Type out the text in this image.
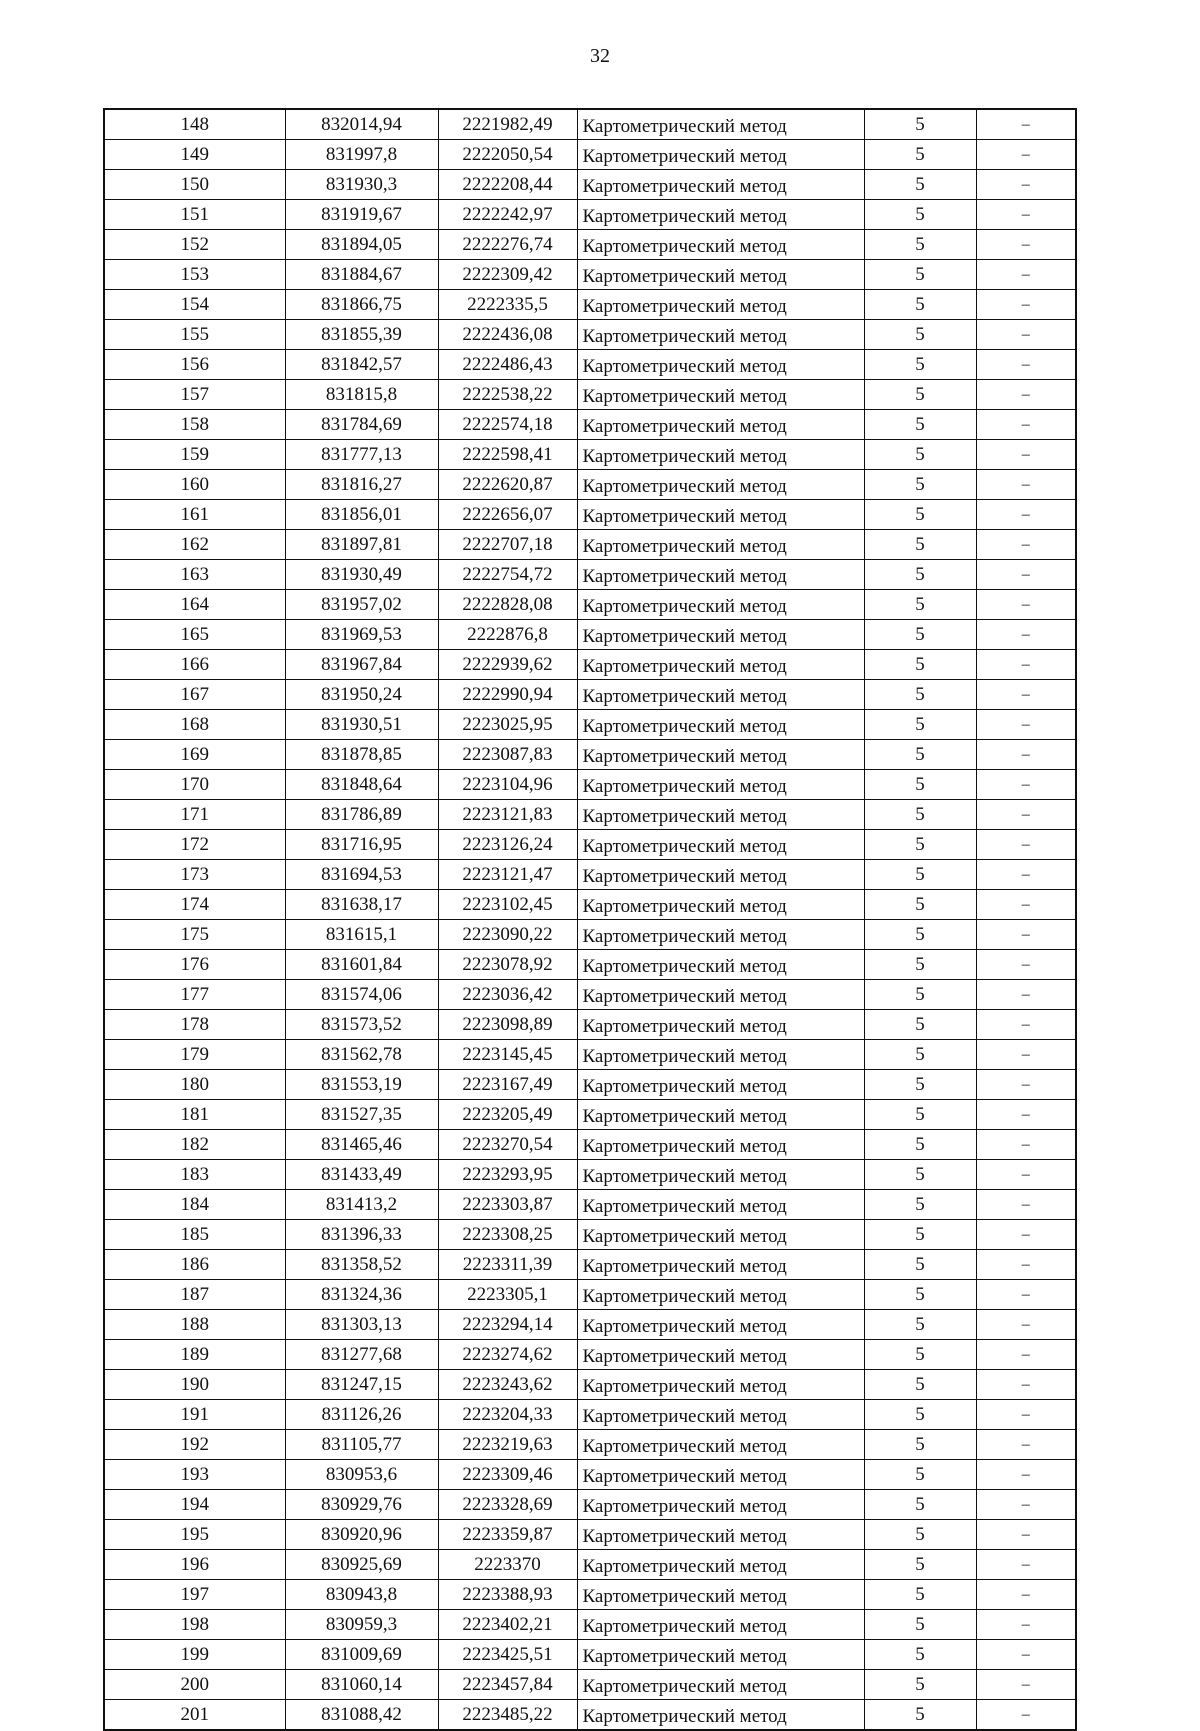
32
148	832014,94	2221982,49	Картометрический метод	5	–
149	831997,8	2222050,54	Картометрический метод	5	–
150	831930,3	2222208,44	Картометрический метод	5	–
151	831919,67	2222242,97	Картометрический метод	5	–
152	831894,05	2222276,74	Картометрический метод	5	–
153	831884,67	2222309,42	Картометрический метод	5	–
154	831866,75	2222335,5	Картометрический метод	5	–
155	831855,39	2222436,08	Картометрический метод	5	–
156	831842,57	2222486,43	Картометрический метод	5	–
157	831815,8	2222538,22	Картометрический метод	5	–
158	831784,69	2222574,18	Картометрический метод	5	–
159	831777,13	2222598,41	Картометрический метод	5	–
160	831816,27	2222620,87	Картометрический метод	5	–
161	831856,01	2222656,07	Картометрический метод	5	–
162	831897,81	2222707,18	Картометрический метод	5	–
163	831930,49	2222754,72	Картометрический метод	5	–
164	831957,02	2222828,08	Картометрический метод	5	–
165	831969,53	2222876,8	Картометрический метод	5	–
166	831967,84	2222939,62	Картометрический метод	5	–
167	831950,24	2222990,94	Картометрический метод	5	–
168	831930,51	2223025,95	Картометрический метод	5	–
169	831878,85	2223087,83	Картометрический метод	5	–
170	831848,64	2223104,96	Картометрический метод	5	–
171	831786,89	2223121,83	Картометрический метод	5	–
172	831716,95	2223126,24	Картометрический метод	5	–
173	831694,53	2223121,47	Картометрический метод	5	–
174	831638,17	2223102,45	Картометрический метод	5	–
175	831615,1	2223090,22	Картометрический метод	5	–
176	831601,84	2223078,92	Картометрический метод	5	–
177	831574,06	2223036,42	Картометрический метод	5	–
178	831573,52	2223098,89	Картометрический метод	5	–
179	831562,78	2223145,45	Картометрический метод	5	–
180	831553,19	2223167,49	Картометрический метод	5	–
181	831527,35	2223205,49	Картометрический метод	5	–
182	831465,46	2223270,54	Картометрический метод	5	–
183	831433,49	2223293,95	Картометрический метод	5	–
184	831413,2	2223303,87	Картометрический метод	5	–
185	831396,33	2223308,25	Картометрический метод	5	–
186	831358,52	2223311,39	Картометрический метод	5	–
187	831324,36	2223305,1	Картометрический метод	5	–
188	831303,13	2223294,14	Картометрический метод	5	–
189	831277,68	2223274,62	Картометрический метод	5	–
190	831247,15	2223243,62	Картометрический метод	5	–
191	831126,26	2223204,33	Картометрический метод	5	–
192	831105,77	2223219,63	Картометрический метод	5	–
193	830953,6	2223309,46	Картометрический метод	5	–
194	830929,76	2223328,69	Картометрический метод	5	–
195	830920,96	2223359,87	Картометрический метод	5	–
196	830925,69	2223370	Картометрический метод	5	–
197	830943,8	2223388,93	Картометрический метод	5	–
198	830959,3	2223402,21	Картометрический метод	5	–
199	831009,69	2223425,51	Картометрический метод	5	–
200	831060,14	2223457,84	Картометрический метод	5	–
201	831088,42	2223485,22	Картометрический метод	5	–
